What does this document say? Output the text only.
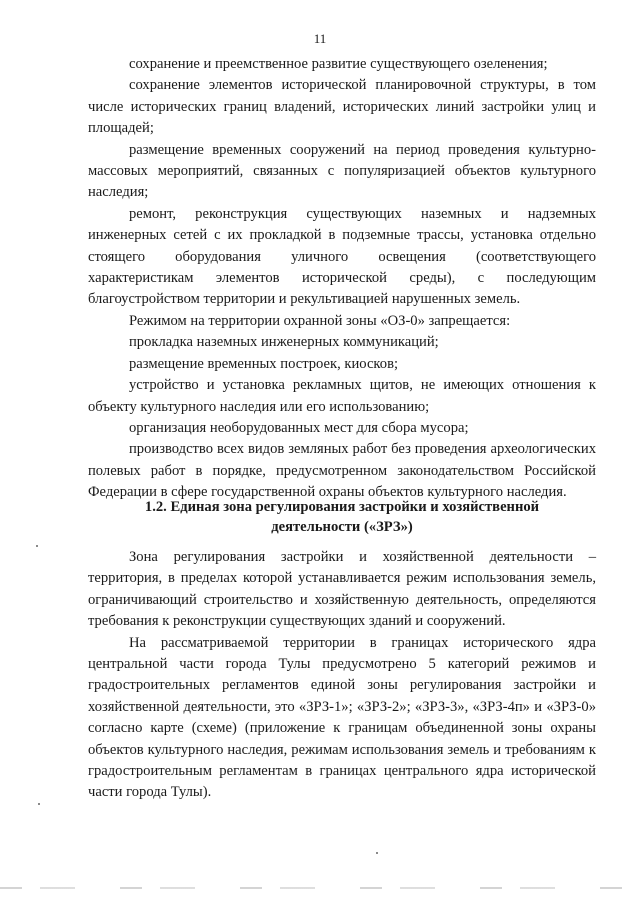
11

сохранение и преемственное развитие существующего озеленения;

сохранение элементов исторической планировочной структуры, в том числе исторических границ владений, исторических линий застройки улиц и площадей;

размещение временных сооружений на период проведения культурно-массовых мероприятий, связанных с популяризацией объектов культурного наследия;

ремонт, реконструкция существующих наземных и надземных инженерных сетей с их прокладкой в подземные трассы, установка отдельно стоящего оборудования уличного освещения (соответствующего характеристикам элементов исторической среды), с последующим благоустройством территории и рекультивацией нарушенных земель.

Режимом на территории охранной зоны «ОЗ-0» запрещается:

прокладка наземных инженерных коммуникаций;

размещение временных построек, киосков;

устройство и установка рекламных щитов, не имеющих отношения к объекту культурного наследия или его использованию;

организация необорудованных мест для сбора мусора;

производство всех видов земляных работ без проведения археологических полевых работ в порядке, предусмотренном законодательством Российской Федерации в сфере государственной охраны объектов культурного наследия.

1.2. Единая зона регулирования застройки и хозяйственной
деятельности («ЗРЗ»)

Зона регулирования застройки и хозяйственной деятельности – территория, в пределах которой устанавливается режим использования земель, ограничивающий строительство и хозяйственную деятельность, определяются требования к реконструкции существующих зданий и сооружений.

На рассматриваемой территории в границах исторического ядра центральной части города Тулы предусмотрено 5 категорий режимов и градостроительных регламентов единой зоны регулирования застройки и хозяйственной деятельности, это «ЗРЗ-1»; «ЗРЗ-2»; «ЗРЗ-3», «ЗРЗ-4п» и «ЗРЗ-0» согласно карте (схеме) (приложение к границам объединенной зоны охраны объектов культурного наследия, режимам использования земель и требованиям к градостроительным регламентам в границах центрального ядра исторической части города Тулы).
